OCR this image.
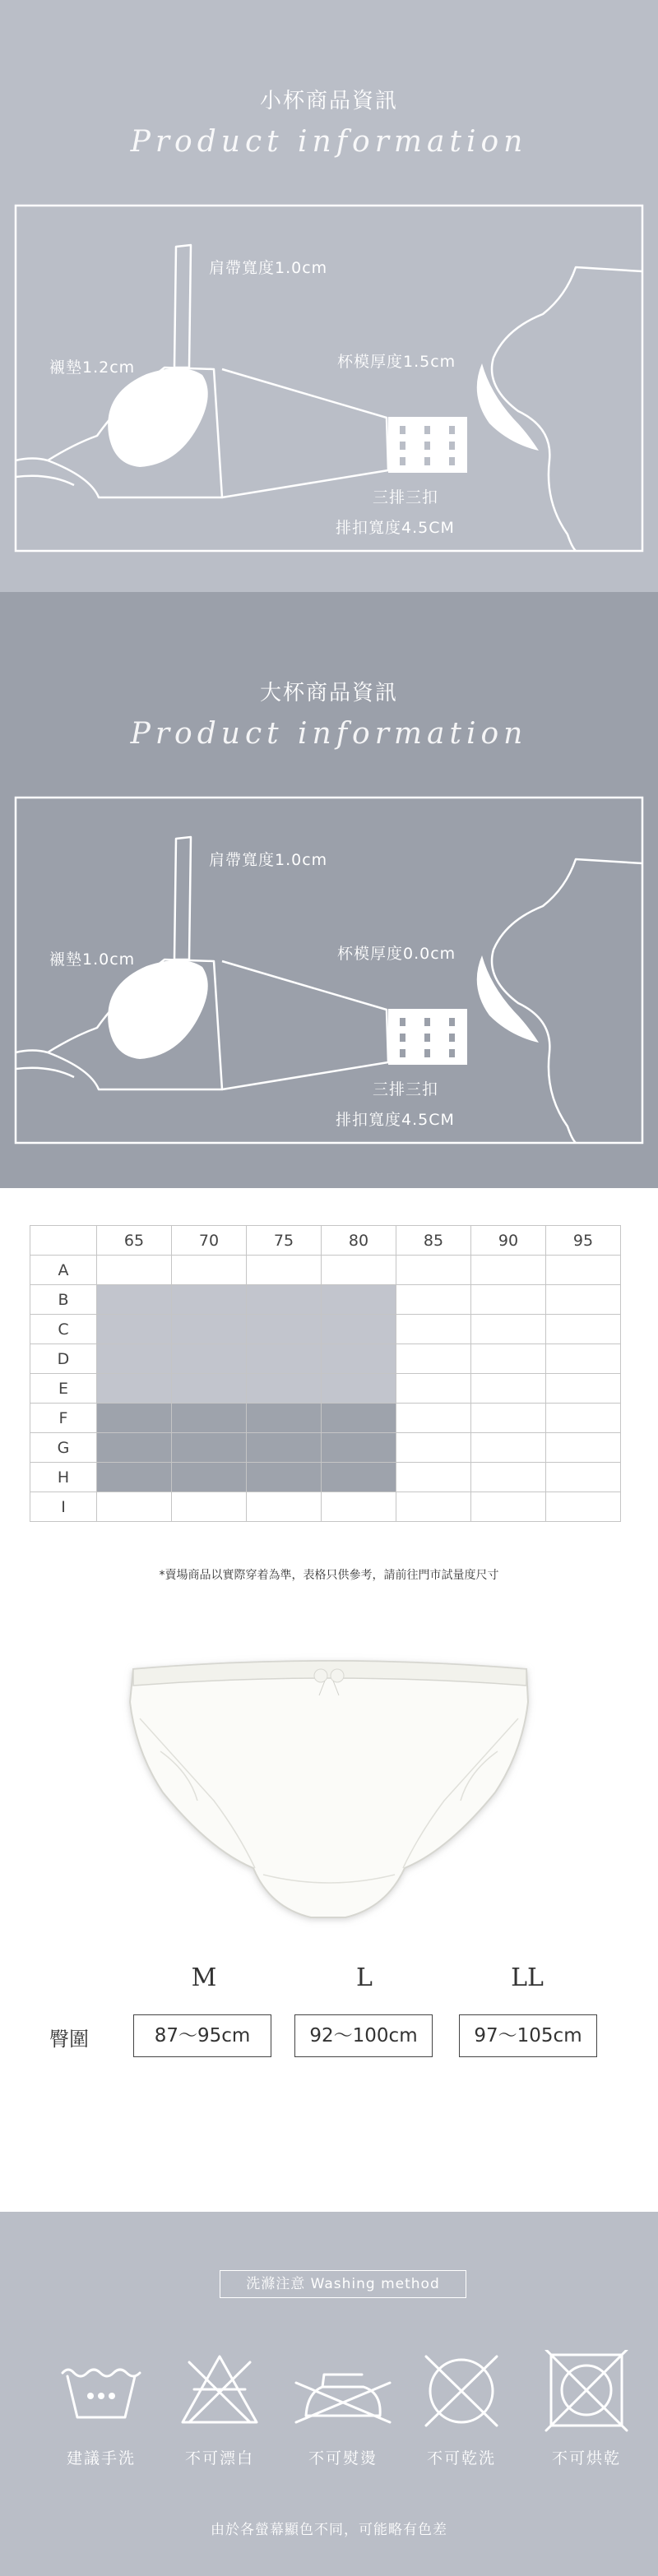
小杯商品資訊
Product information
肩帶寬度1.0cm
襯墊1.2cm	杯模厚度1.5cm
三排三扣
排扣寬度4.5CM
大杯商品資訊
Product information
肩帶寬度1.0cm
襯墊1.0cm	杯模厚度0.0cm
三排三扣
排扣寬度4.5CM
	65	70	75	80	85	90	95
A							
B							
C							
D							
E							
F							
G							
H							
I							
*賣場商品以實際穿着為準，表格只供參考，請前往門市試量度尺寸
M	L	LL
臀圍	87～95cm	92～100cm	97～105cm
洗滌注意 Washing method
建議手洗	不可漂白	不可熨燙	不可乾洗	不可烘乾
由於各螢幕顯色不同，可能略有色差
